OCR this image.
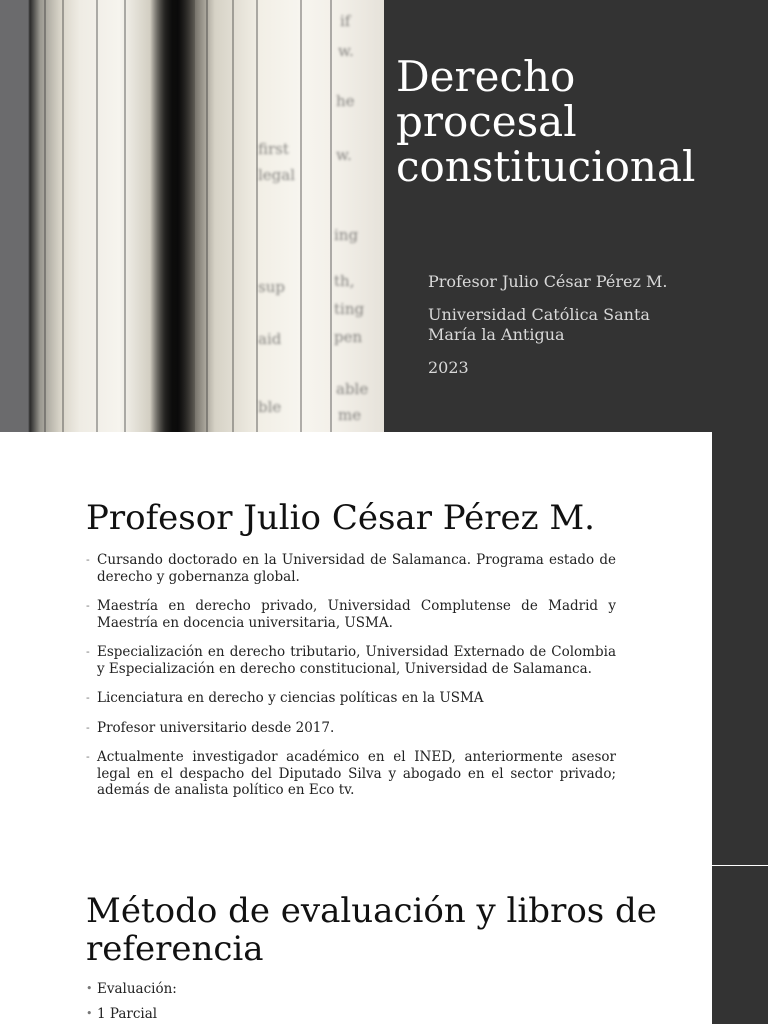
if
w.
he
w.
ing
th,
ting
pen
first
legal
sup
aid
able
me
ble
Derecho
procesal
constitucional
Profesor Julio César Pérez M.
Universidad Católica Santa
María la Antigua
2023
Profesor Julio César Pérez M.
- Cursando doctorado en la Universidad de Salamanca. Programa estado de derecho y gobernanza global.
- Maestría en derecho privado, Universidad Complutense de Madrid y Maestría en docencia universitaria, USMA.
- Especialización en derecho tributario, Universidad Externado de Colombia y Especialización en derecho constitucional, Universidad de Salamanca.
- Licenciatura en derecho y ciencias políticas en la USMA
- Profesor universitario desde 2017.
- Actualmente investigador académico en el INED, anteriormente asesor legal en el despacho del Diputado Silva y abogado en el sector privado; además de analista político en Eco tv.
Método de evaluación y libros de
referencia
• Evaluación:
• 1 Parcial
